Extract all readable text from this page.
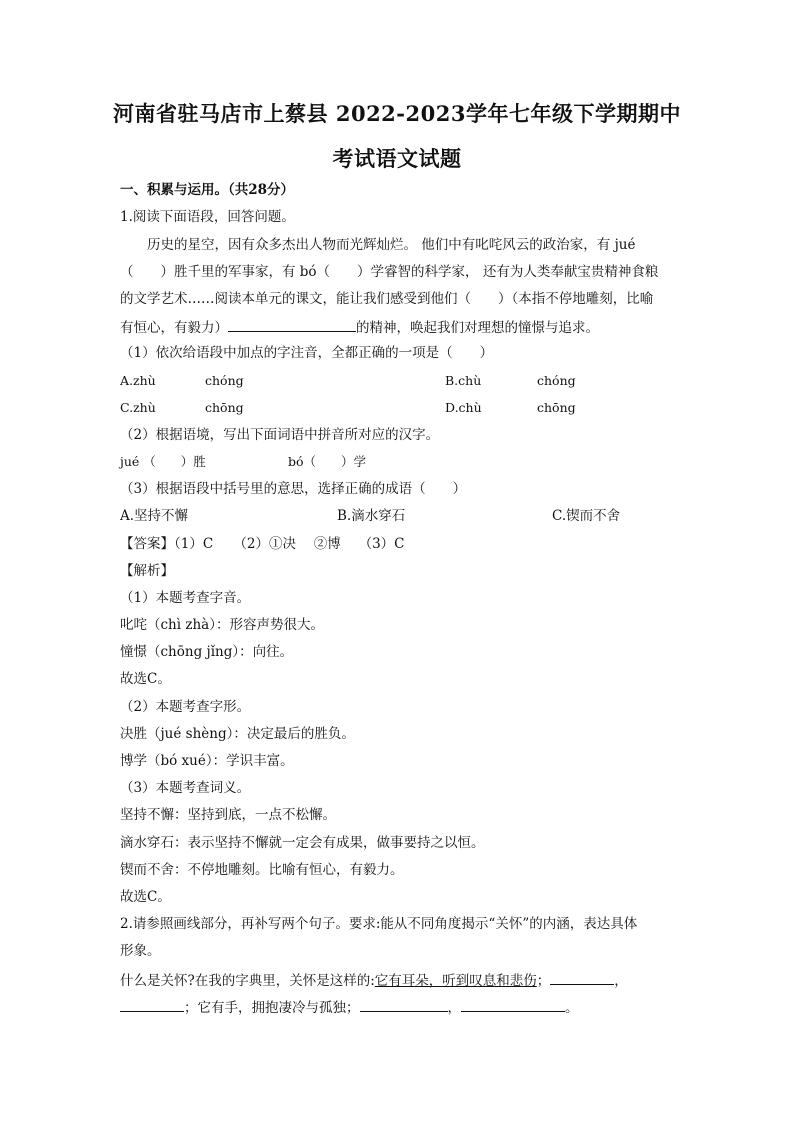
河南省驻马店市上蔡县 2022-2023学年七年级下学期期中
考试语文试题
一、积累与运用。（共28分）
1.阅读下面语段，回答问题。
历史的星空，因有众多杰出人物而光辉灿烂。 他们中有叱咤风云的政治家，有 jué
（　　）胜千里的军事家，有 bó（　　）学睿智的科学家， 还有为人类奉献宝贵精神食粮
的文学艺术……阅读本单元的课文，能让我们感受到他们（　　）（本指不停地雕刻，比喻
有恒心，有毅力）	的精神，唤起我们对理想的憧憬与追求。
（1）依次给语段中加点的字注音，全都正确的一项是（　　）
A.zhù	chóng	B.chù	chóng
C.zhù	chōng	D.chù	chōng
（2）根据语境，写出下面词语中拼音所对应的汉字。
jué （　　）胜	bó（　　）学
（3）根据语段中括号里的意思，选择正确的成语（　　）
A.坚持不懈	B.滴水穿石	C.锲而不舍
【答案】（1）C　　（2）①决　 ②博　 （3）C
【解析】
（1）本题考查字音。
叱咤（chì zhà）：形容声势很大。
憧憬（chōng jǐng）：向往。
故选C。
（2）本题考查字形。
决胜（jué shèng）：决定最后的胜负。
博学（bó xué）：学识丰富。
（3）本题考查词义。
坚持不懈：坚持到底，一点不松懈。
滴水穿石：表示坚持不懈就一定会有成果，做事要持之以恒。
锲而不舍：不停地雕刻。比喻有恒心，有毅力。
故选C。
2.请参照画线部分，再补写两个句子。要求:能从不同角度揭示“关怀”的内涵，表达具体
形象。
什么是关怀?在我的字典里，关怀是这样的:它有耳朵，听到叹息和悲伤；	，
；它有手，拥抱凄冷与孤独；	，	。
